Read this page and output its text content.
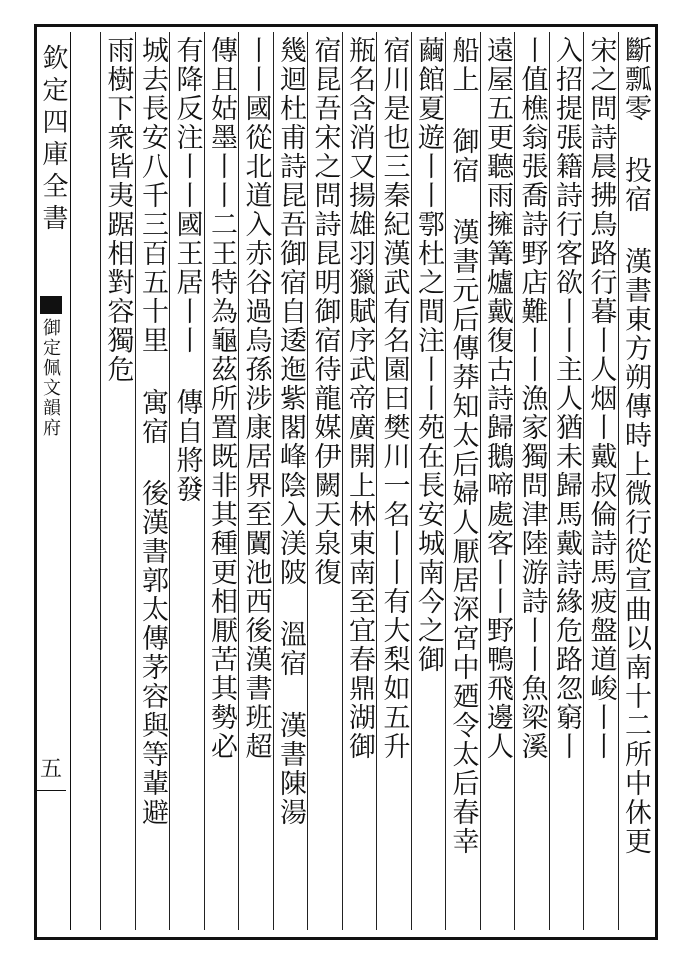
欽定四庫全書
御定佩文韻府
五	斷瓢零 投宿 漢書東方朔傳時上微行從宣曲以南十二所中休更
宋之問詩晨拂鳥路行暮丨人烟丨戴叔倫詩馬疲盤道峻丨丨
入招提張籍詩行客欲丨丨主人猶未歸馬戴詩緣危路忽窮丨
丨值樵翁張喬詩野店難丨丨漁家獨問津陸游詩丨丨魚梁溪
遠屋五更聽雨擁篝爐戴復古詩歸鵝啼處客丨丨野鴨飛邊人
船上 御宿 漢書元后傳莽知太后婦人厭居深宮中廼令太后春幸
繭館夏遊丨丨鄠杜之間注丨丨苑在長安城南今之御
宿川是也三秦紀漢武有名園曰樊川一名丨丨有大梨如五升
瓶名含消又揚雄羽獵賦序武帝廣開上林東南至宜春鼎湖御
宿昆吾宋之問詩昆明御宿待龍媒伊闕天泉復
幾迴杜甫詩昆吾御宿自逶迤紫閣峰陰入渼陂 溫宿 漢書陳湯
丨丨國從北道入赤谷過烏孫涉康居界至闐池西後漢書班超
傳且姑墨丨丨二王特為龜茲所置既非其種更相厭苦其勢必
有降反注丨丨國王居丨丨 傳自將發
城去長安八千三百五十里 寓宿 後漢書郭太傳茅容與等輩避
雨樹下衆皆夷踞相對容獨危
